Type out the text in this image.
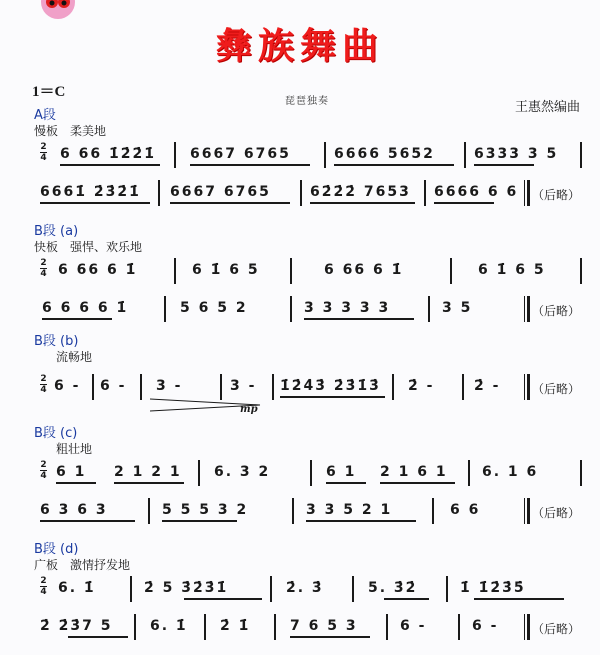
彝族舞曲
1＝C
琵琶独奏	王惠然编曲
A段
慢板　柔美地
2
4 6 66 1̇2̇2̇1̇ 6667 6765	6666 5652	6333 3 5
6661̇ 2̇3̇2̇1̇ 6667 6765	62̇2̇2̇ 7653 6666 6 6 （后略）
B段 (a)
快板　强悍、欢乐地
2
4 6 66 6 1̇	6 1̇ 6 5	6 66 6 1̇	6 1̇ 6 5
6 6 6 6 1̇	5 6 5 2	3 3 3 3 3	3 5	（后略）
B段 (b)
流畅地
2
4 6 - 6 - 3 -	3 - 1̇2̇4̇3̇ 2̇3̇1̇3̇ 2̇ -	2̇ -	（后略）
mp
B段 (c)
粗壮地
2
4 6 1 2 1 2 1 6. 3 2	6 1 2 1 6 1 6. 1 6
6 3 6 3	5 5 5 3 2	3 3 5 2 1	6 6	（后略）
B段 (d)
广板　激情抒发地
2
4 6. 1̇	2̇ 5 3̇2̇3̇1̇	2̇. 3̇	5. 3̇2̇	1̇ 1̇2̇3̇5̇
2̇ 2̇3̇7 5	6. 1̇ 2̇ 1̇	7 6 5 3	6 -	6 -	（后略）
